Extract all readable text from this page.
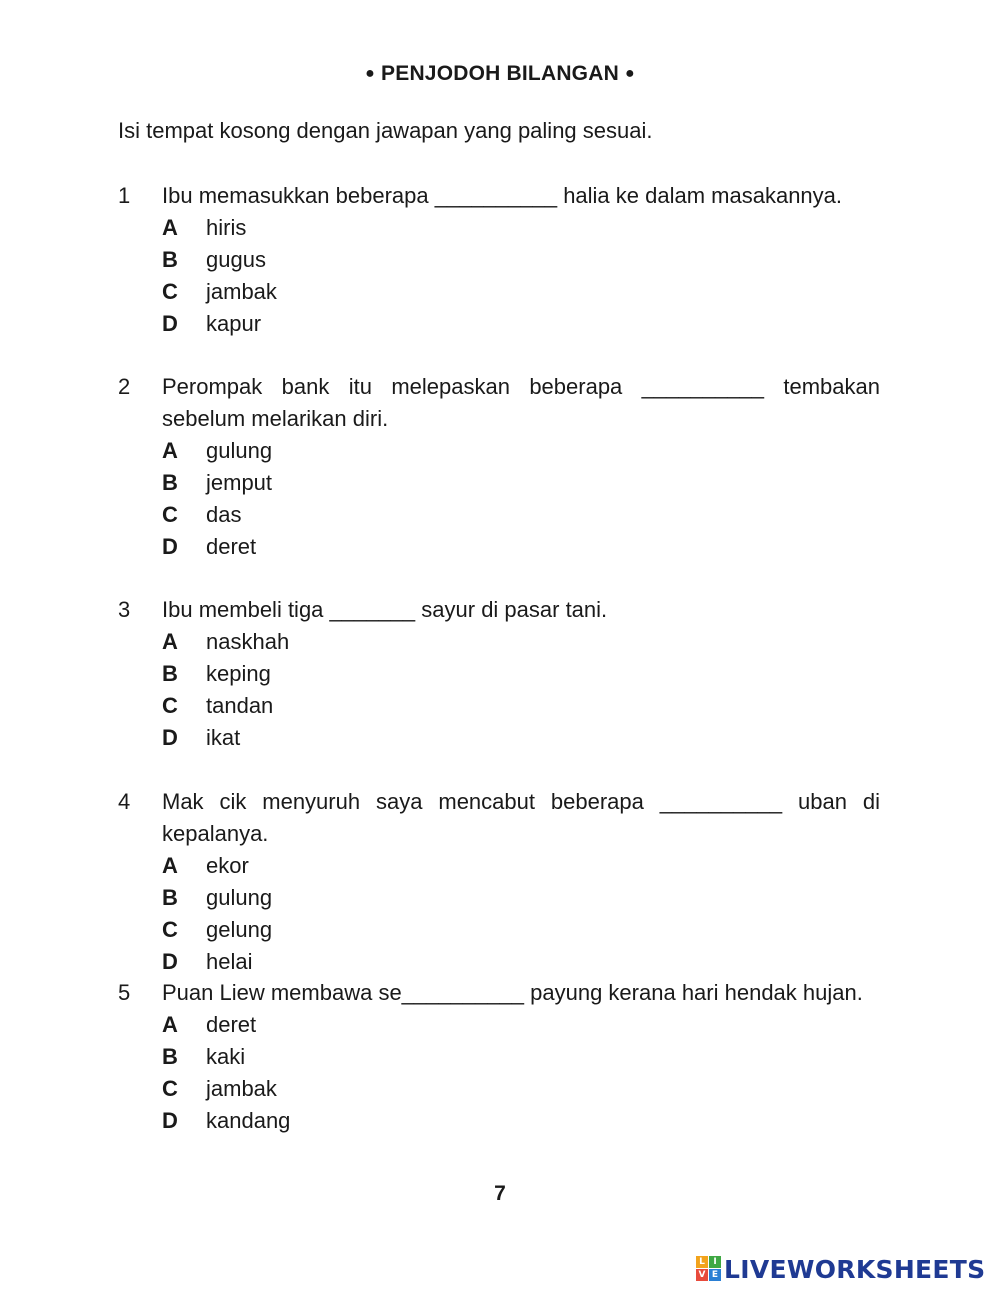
● PENJODOH BILANGAN ●
Isi tempat kosong dengan jawapan yang paling sesuai.
1	Ibu memasukkan beberapa __________ halia ke dalam masakannya.
A	hiris
B	gugus
C	jambak
D	kapur
2	Perompak bank itu melepaskan beberapa __________ tembakan sebelum melarikan diri.
A	gulung
B	jemput
C	das
D	deret
3	Ibu membeli tiga _______ sayur di pasar tani.
A	naskhah
B	keping
C	tandan
D	ikat
4	Mak cik menyuruh saya mencabut beberapa __________ uban di kepalanya.
A	ekor
B	gulung
C	gelung
D	helai
5	Puan Liew membawa se__________ payung kerana hari hendak hujan.
A	deret
B	kaki
C	jambak
D	kandang
7
L I
V E LIVEWORKSHEETS
